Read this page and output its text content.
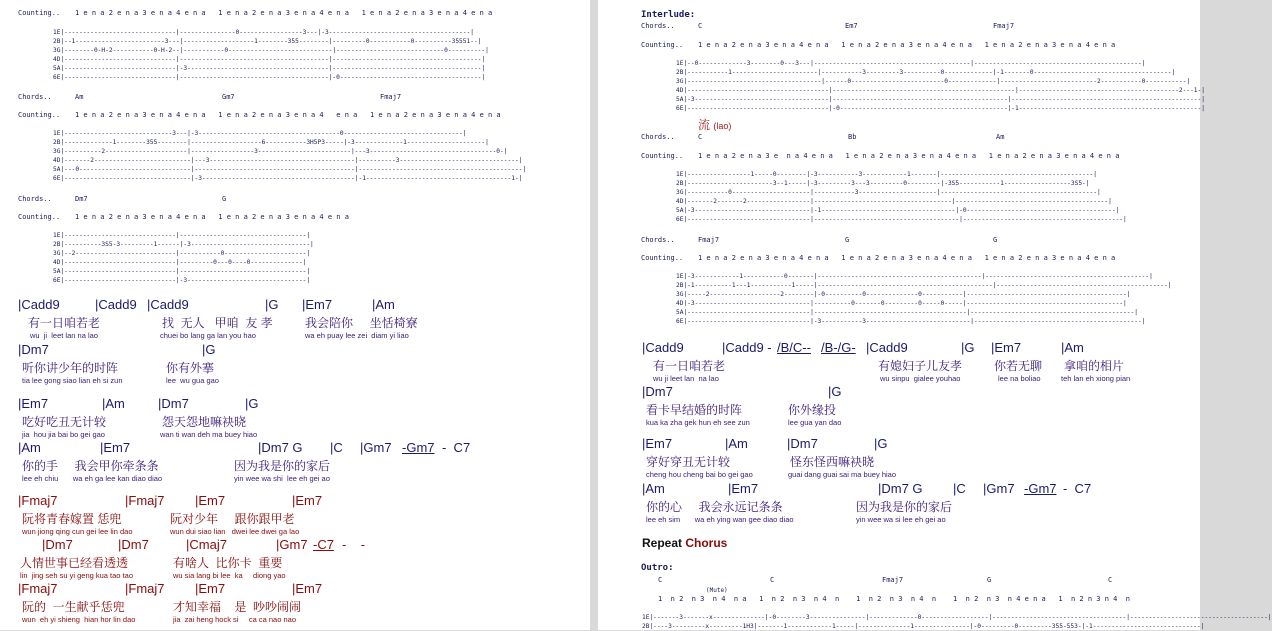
Counting.. 1 e n a 2 e n a 3 e n a 4 e n a   1 e n a 2 e n a 3 e n a 4 e n a   1 e n a 2 e n a 3 e n a 4 e n a
1E|------------------------------|---------------0-----------------3---|-3--------------------------------------|
2B|--1------------------------3---|-------------------1--------355--------|---------0-----------0----------35551--|
3G|--------0-H-2-----------0-H-2--|-----------0----------------------------|-----------------------------0----------|
4D|------------------------------|----------------------------------------|----------------------------------------|
5A|------------------------------|-3--------------------------------------|----------------------------------------|
6E|------------------------------|----------------------------------------|-0--------------------------------------|
Chords..	Am	Gm7	Fmaj7
Counting.. 1 e n a 2 e n a 3 e n a 4 e n a   1 e n a 2 e n a 3 e n a 4   e n a   1 e n a 2 e n a 3 e n a 4 e n a
1E|-----------------------------3---|-3--------------------------------------0--------------------------------|
2B|-------------1--------355--------|-------------------6-----------3H5P3-----|-3-------------1---------------------|
3G|----------2----------------------|-----------------3-------------------------|---3----------------------------------0-|
4D|-------2--------------------------|---3---------------------------------------|----------3--------------------------------|
5A|---0------------------------------|-------------------------------------------|--------------------------------------------|
6E|----------------------------------|-3-----------------------------------------|-1---------------------------------------1-|
Chords..	Dm7	G
Counting.. 1 e n a 2 e n a 3 e n a 4 e n a   1 e n a 2 e n a 3 e n a 4 e n a
1E|------------------------------|----------------------------------|
2B|----------3S5-3---------1------|-3--------------------------------|
3G|--2---------------------------|-----------0----------------------|
4D|------------------------------|---------0---0----0--------------|
5A|------------------------------|----------------------------------|
6E|------------------------------|-3--------------------------------|
|Cadd9	|Cadd9 |Cadd9	|G |Em7	|Am
有一日咱若老	找  无人   甲咱  友 孝	我会陪你     坐恬椅寮
wu  ji  leet lan na lao	chuei bo lang ga lan you hao	wa eh puay lee zei  diam yi liao
|Dm7	|G
听你讲少年的时阵	你有外搴
tia lee gong siao lian eh si zun	lee  wu gua gao
|Em7	|Am	|Dm7	|G
吃好吃丑无计较	怨天怨地嘛袂晓
jia  hou jia bai bo gei gao	wan ti wan deh ma buey hiao
|Am	|Em7	|Dm7 G |C |Gm7 -Gm7 -  C7
你的手     我会甲你牵条条	因为我是你的家后
lee eh chiu       wa eh ga lee kan diao diao	yin wee wa shi  lee eh gei ao
|Fmaj7	|Fmaj7 |Em7	|Em7
阮将青春嫁置 恁兜	阮对少年     跟你跟甲老
wun jiong qing cun gei lee lin dao	wun dui siao lian   dwei lee dwei ga lao
|Dm7	|Dm7	|Cmaj7	|Gm7 -C7 -    -
人情世事已经看透透	有啥人  比你卡  重要
lin  jing seh su yi geng kua tao tao	wu sia lang bi lee  ka     diong yao
|Fmaj7	|Fmaj7 |Em7	|Em7
阮的  一生献乎恁兜	才知幸福    是  吵吵闹闹
wun  eh yi shieng  hian hor lin dao	jia  zai heng hock si     ca ca nao nao
Interlude:
Chords..	C	Em7	Fmaj7
Counting.. 1 e n a 2 e n a 3 e n a 4 e n a   1 e n a 2 e n a 3 e n a 4 e n a   1 e n a 2 e n a 3 e n a 4 e n a
1E|--0-------------3--------0---3---|------------------------------------------|---------------------------------------------|
2B|-----------1-----------------------|-----------3---------3----------0-------------|-1-------0-------------------------------------|
3G|------------------------------------|------0-------------------------0-------------|--------------------------2-----------0-----------|
4D|--------------------------------------|-------------------------------------------------|-------------------------------------------2---1-|
5A|-3------------------------------------|-----------------------------------------------|---------------------------------------------------|
6E|--------------------------------------|-0---------------------------------------------|-1-------------------------------------------------|
流 (lao)
Chords..	C	Bb	Am
Counting.. 1 e n a 2 e n a 3 e  n a 4 e n a   1 e n a 2 e n a 3 e n a 4 e n a   1 e n a 2 e n a 3 e n a 4 e n a
1E|-----------------1-----0--------|-3-----------3------------1-------|-----------------------------------------|
2B|-----------------------3--1-----|-3---------3---3---------0---------|-3S5-----------1------------------3S5-|
3G|-----------0---------------------|-----------3---------------------|------------------------------------------|
4D|-------2-------2-----------------|-------------------------------------|-----------------------------------------|
5A|-3-------------------------------|-1------------------------------------|-0----------------------------------------|
6E|---------------------------------|---------------------------------------|-------------------------------------------|
Chords..	Fmaj7	G	G
Counting.. 1 e n a 2 e n a 3 e n a 4 e n a   1 e n a 2 e n a 3 e n a 4 e n a   1 e n a 2 e n a 3 e n a 4 e n a
1E|-3------------1-----------0-------|--------------------------------------------|--------------------------------------------|
2B|-1----------1---1-----------1-----|-----------------------------------------------|----------------------------------------------|
3G|-----2-------------------2--------|-0----------0--------------0-----------|-------------------------------------------|
4D|-3-------------------------------|----------0-------0---------0-----0-----|------------------------------------------|
5A|---------------------------------|-----------------------------------------|--------------------------------------------|
6E|---------------------------------|-3-----------3----------------------------|---------------------------------------------|
|Cadd9	|Cadd9 - /B/C-- /B-/G- |Cadd9	|G |Em7	|Am
有一日咱若老	有媳妇子儿友孝	你若无聊 拿咱的相片
wu ji leet lan  na lao	wu sinpu  gialee youhao	lee na boliao	teh lan eh xiong pian
|Dm7	|G
看卡早结婚的时阵	你外缘投
kua ka zha gek hun eh see zun	lee gua yan dao
|Em7	|Am	|Dm7	|G
穿好穿丑无计较	怪东怪西嘛袂晓
cheng hou cheng bai bo gei gao	guai dang guai sai ma buey hiao
|Am	|Em7	|Dm7 G |C |Gm7 -Gm7 -  C7
你的心     我会永远记条条	因为我是你的家后
lee eh sim       wa eh ying wan gee diao diao	yin wee wa si lee eh gei ao
Repeat Chorus
Outro:
C	C	Fmaj7	G	C
(Mute)
1  n 2  n 3  n 4  n a   1  n 2  n 3  n 4  n    1  n 2  n 3  n 4  n    1  n 2  n 3  n 4 e n a   1  n 2 n 3 n 4  n
1E|-------3-------x--------------|-0--------3---------------|-------------0------------------|------------------------------------|-------------------------------------|
2B|----3---------x---------1H3|-------1------------1-----|--------------1---------------|-0---------0---------355-553-|-1-----------------------------|
